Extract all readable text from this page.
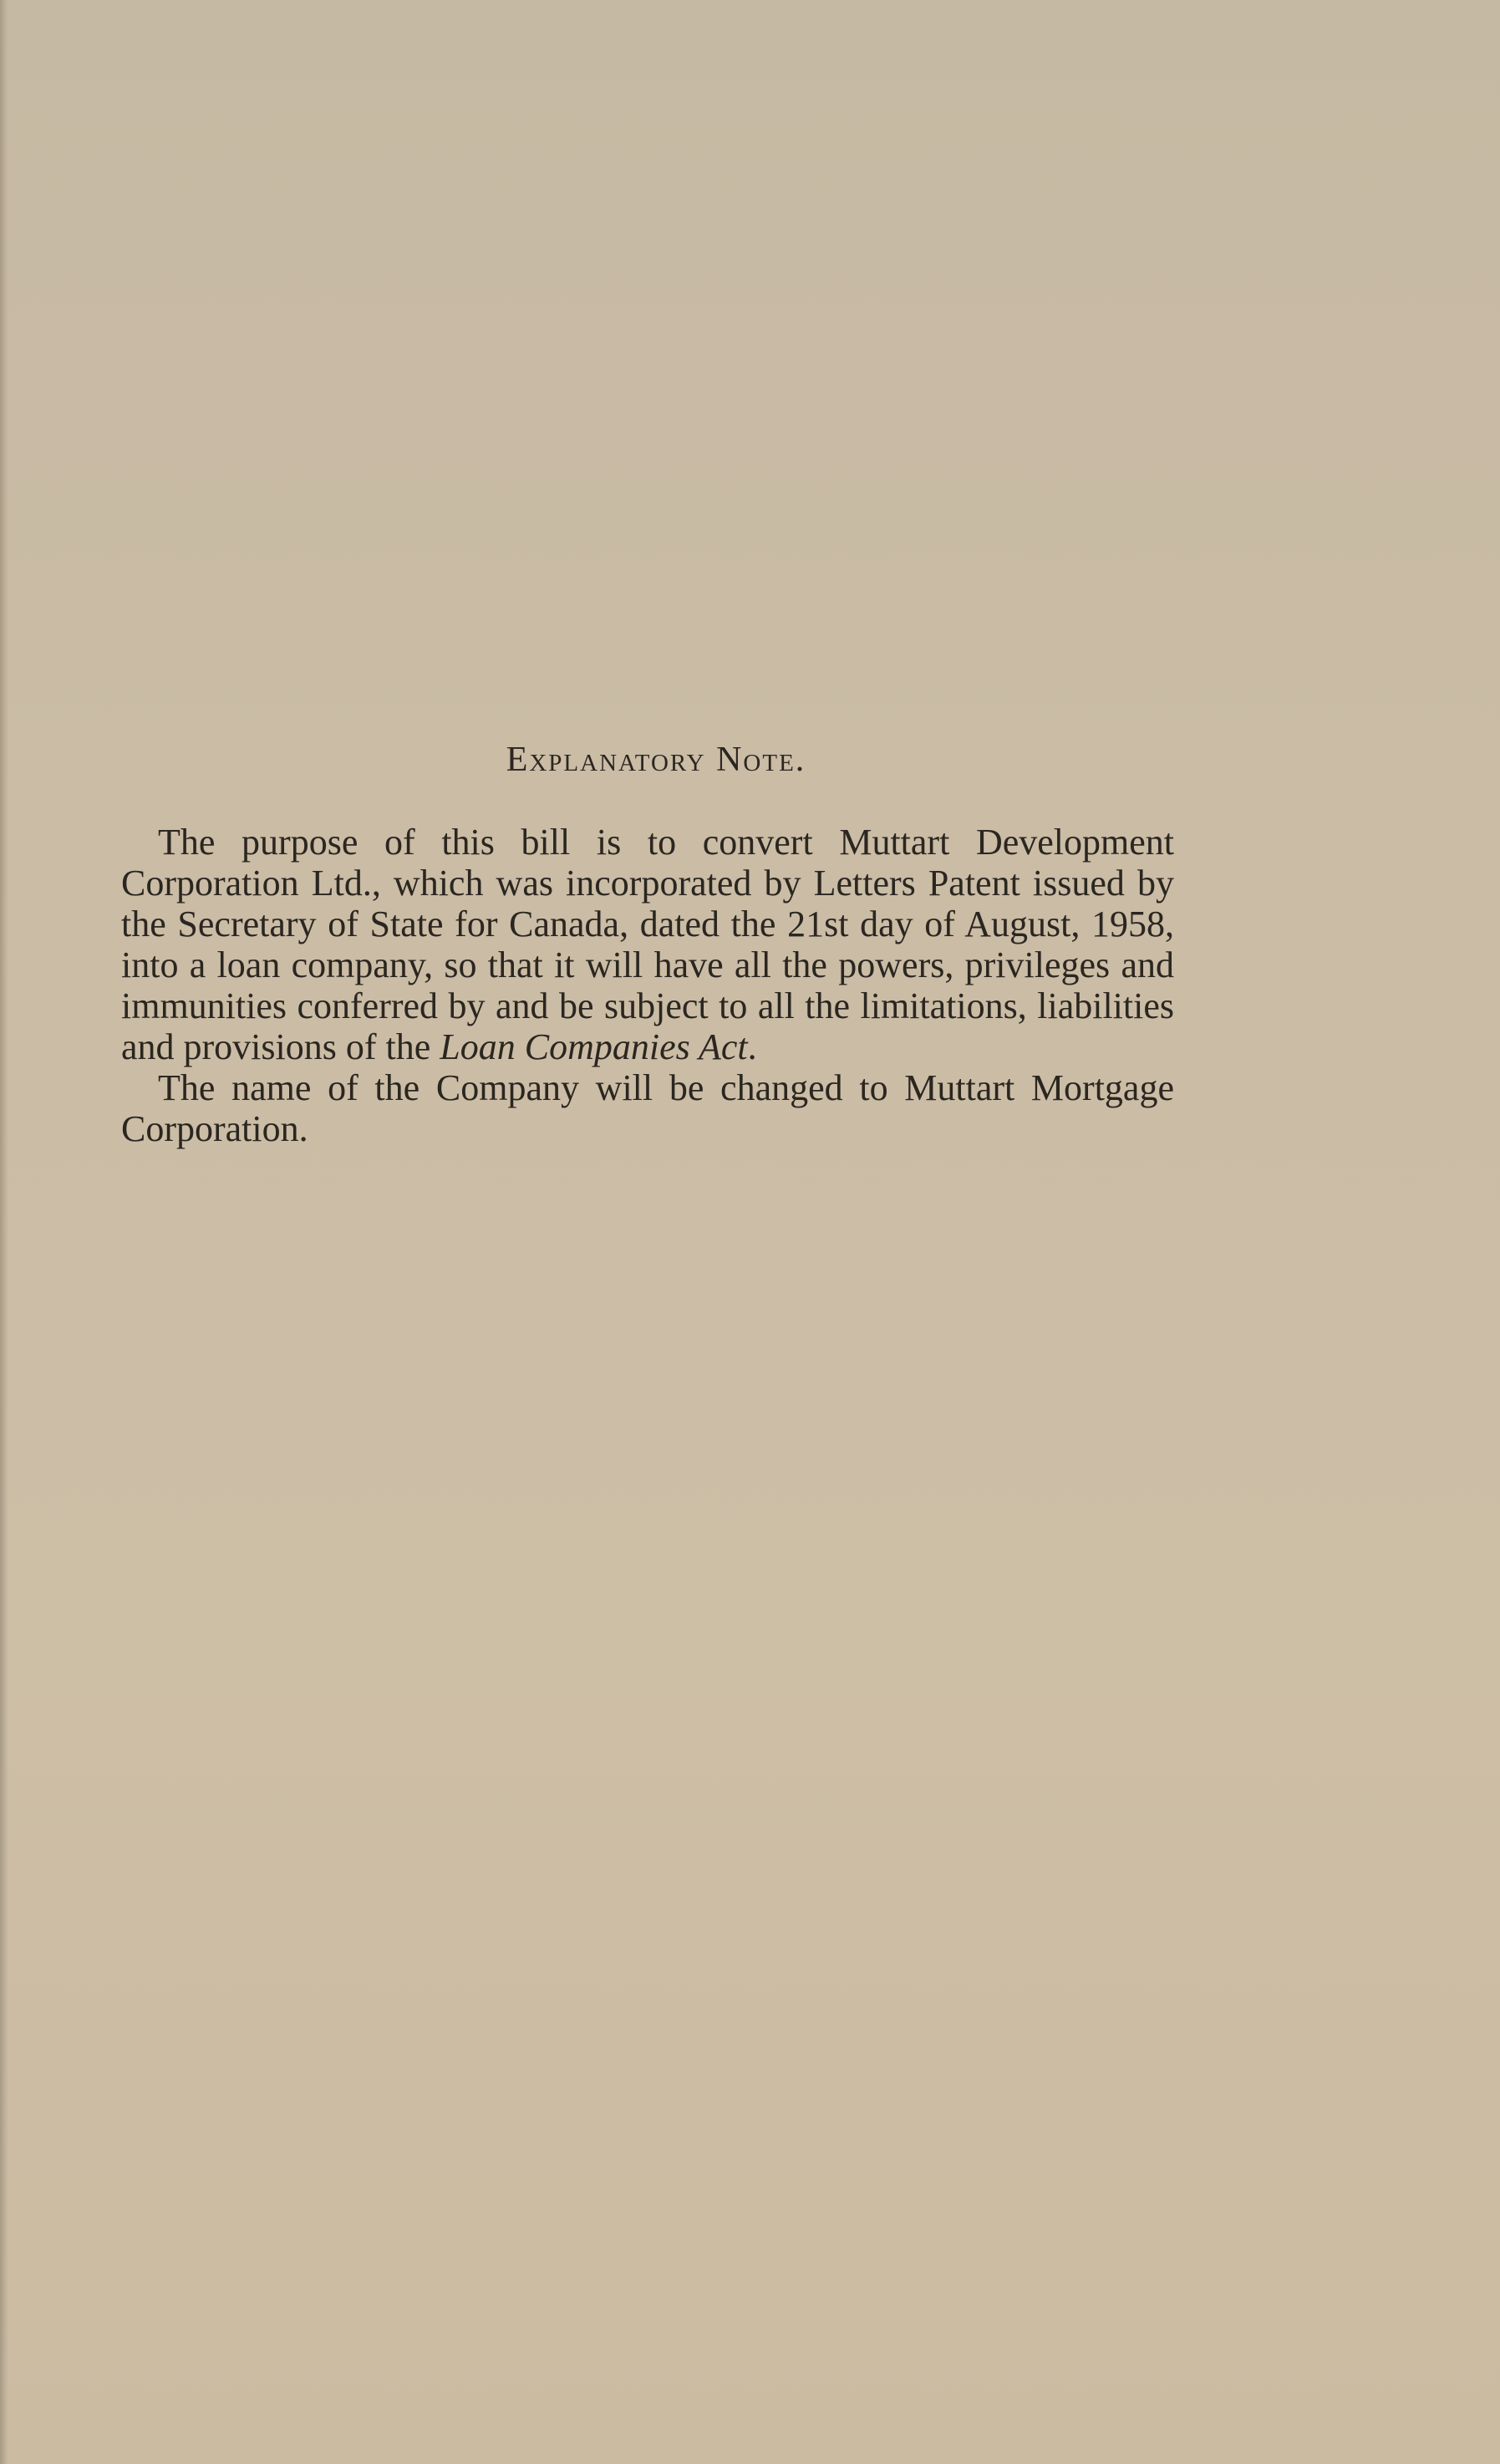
Explanatory Note.

The purpose of this bill is to convert Muttart Development Corporation Ltd., which was incorporated by Letters Patent issued by the Secretary of State for Canada, dated the 21st day of August, 1958, into a loan company, so that it will have all the powers, privileges and immunities conferred by and be subject to all the limitations, liabilities and provisions of the Loan Companies Act.

The name of the Company will be changed to Muttart Mortgage Corporation.
